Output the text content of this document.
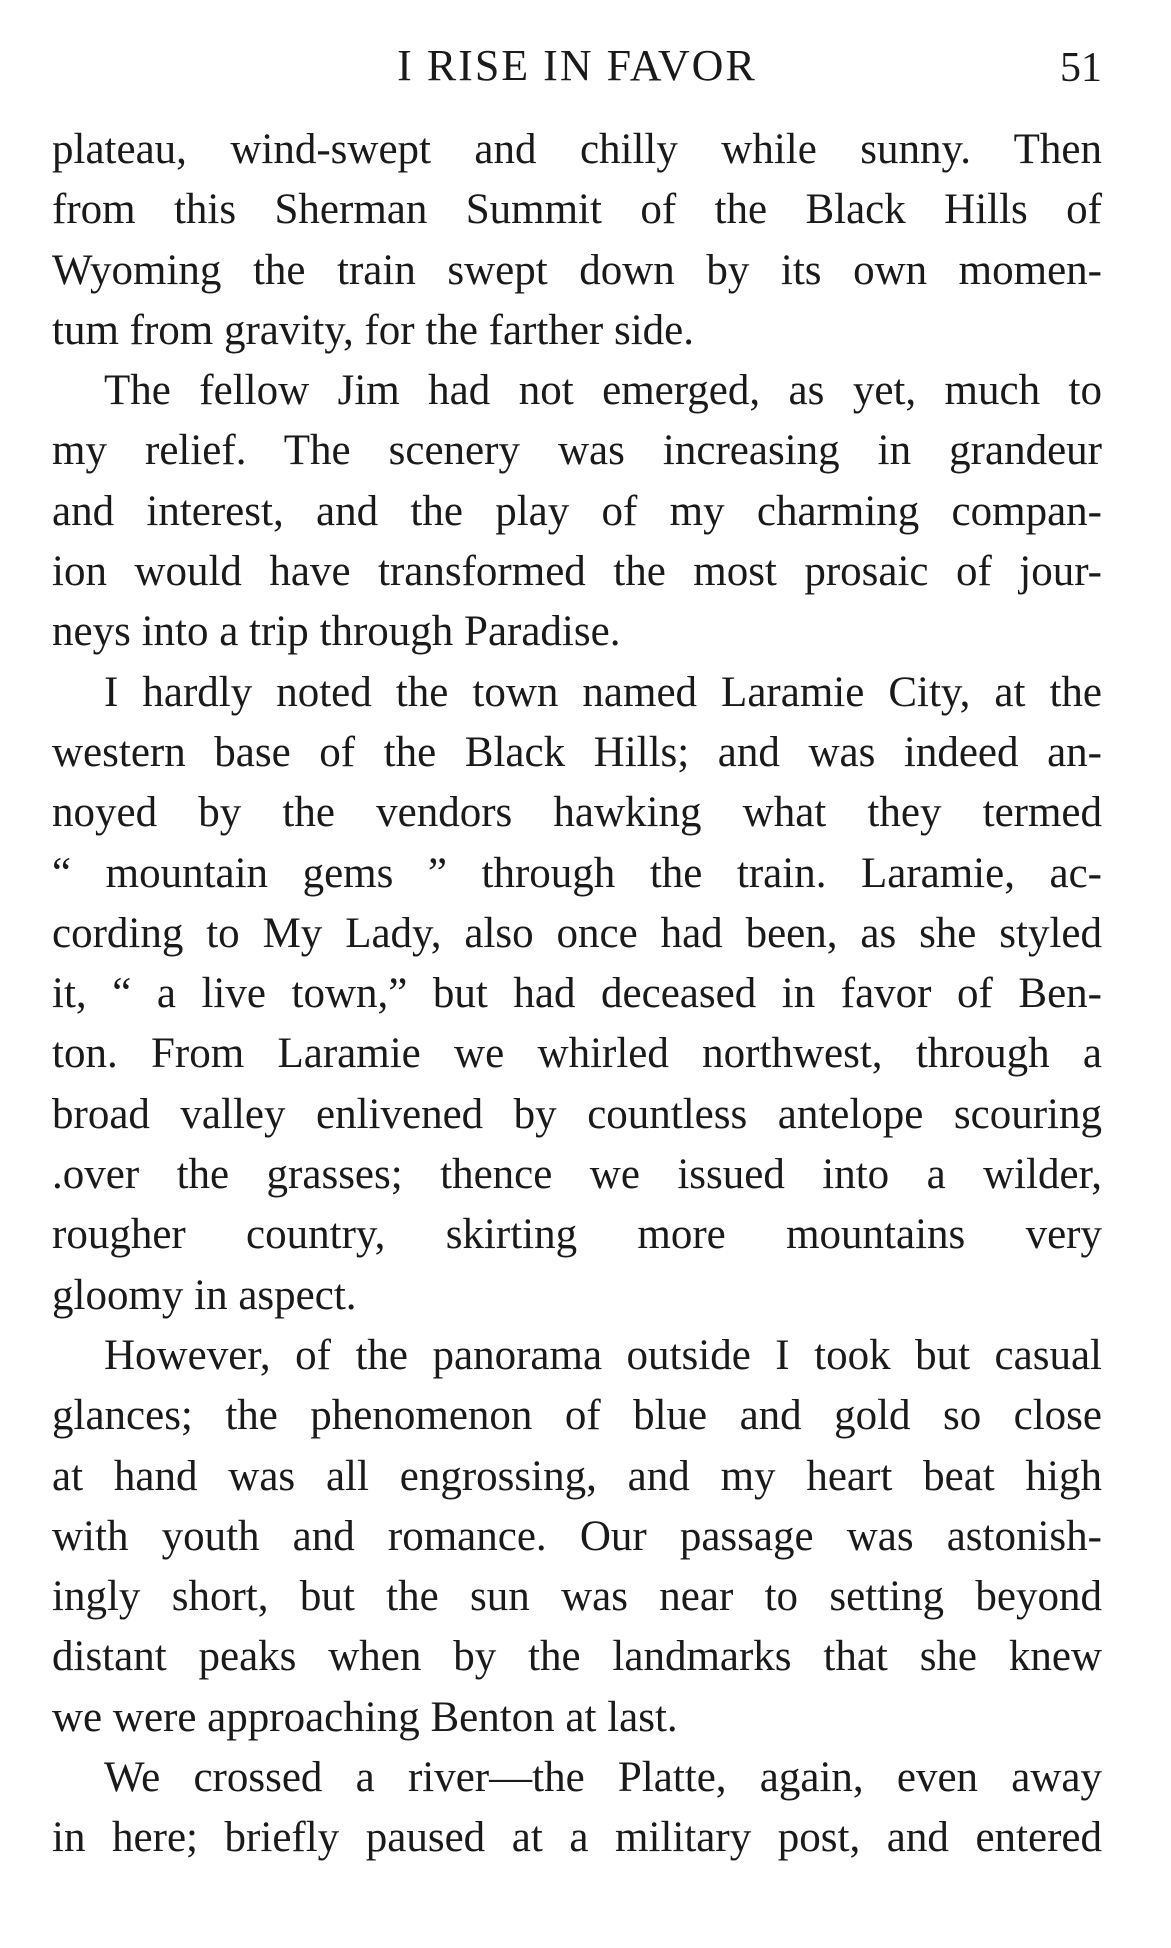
I RISE IN FAVOR	51
plateau, wind-swept and chilly while sunny. Then
from this Sherman Summit of the Black Hills of
Wyoming the train swept down by its own momen-
tum from gravity, for the farther side.
The fellow Jim had not emerged, as yet, much to
my relief. The scenery was increasing in grandeur
and interest, and the play of my charming compan-
ion would have transformed the most prosaic of jour-
neys into a trip through Paradise.
I hardly noted the town named Laramie City, at the
western base of the Black Hills; and was indeed an-
noyed by the vendors hawking what they termed
“ mountain gems ” through the train. Laramie, ac-
cording to My Lady, also once had been, as she styled
it, “ a live town,” but had deceased in favor of Ben-
ton. From Laramie we whirled northwest, through a
broad valley enlivened by countless antelope scouring
.over the grasses; thence we issued into a wilder,
rougher country, skirting more mountains very
gloomy in aspect.
However, of the panorama outside I took but casual
glances; the phenomenon of blue and gold so close
at hand was all engrossing, and my heart beat high
with youth and romance. Our passage was astonish-
ingly short, but the sun was near to setting beyond
distant peaks when by the landmarks that she knew
we were approaching Benton at last.
We crossed a river—the Platte, again, even away
in here; briefly paused at a military post, and entered
